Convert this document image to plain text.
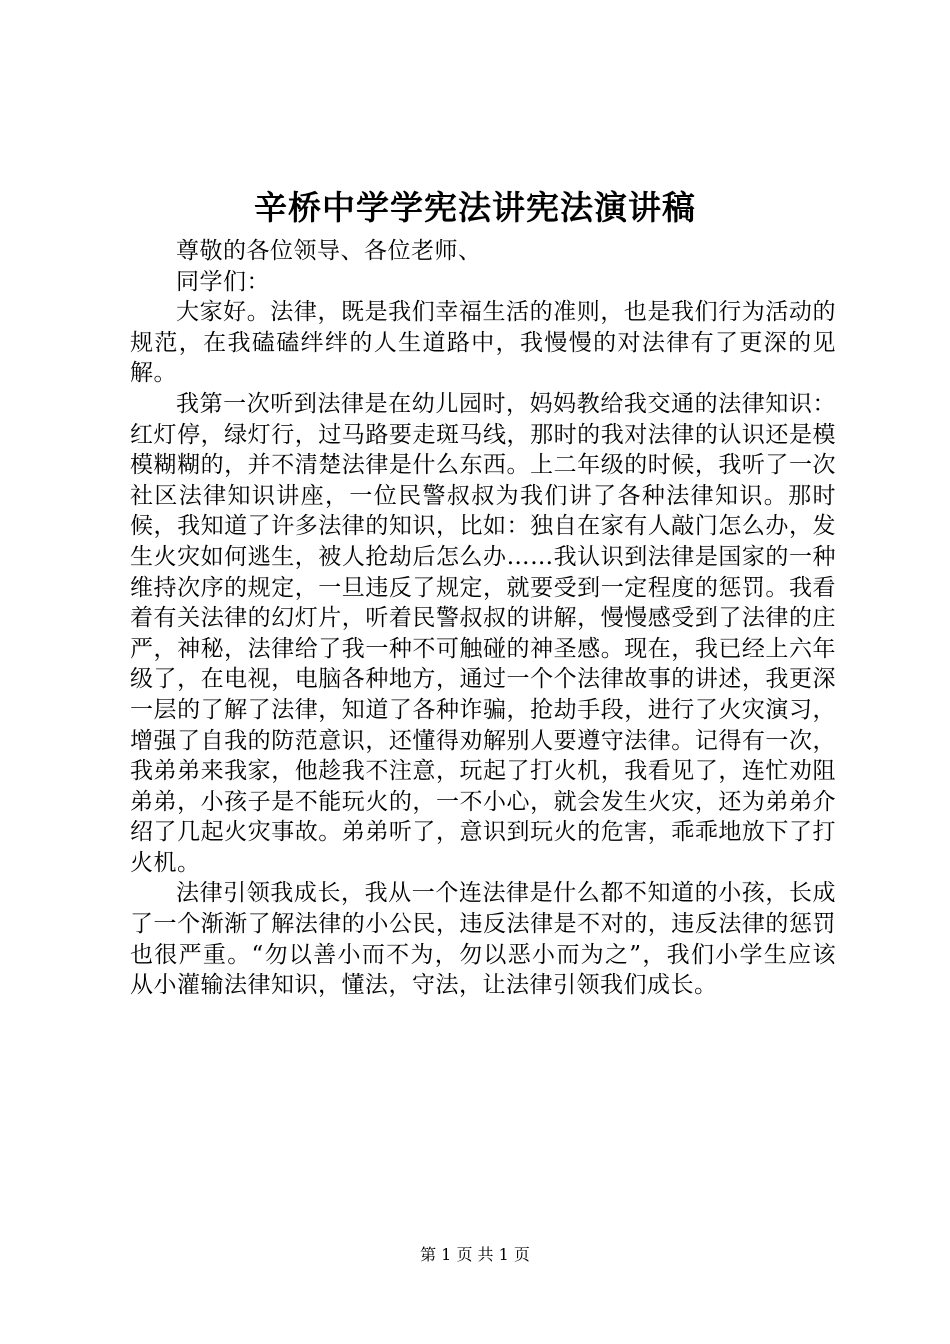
辛桥中学学宪法讲宪法演讲稿

尊敬的各位领导、各位老师、

同学们：

大家好。法律，既是我们幸福生活的准则，也是我们行为活动的规范，在我磕磕绊绊的人生道路中，我慢慢的对法律有了更深的见解。

我第一次听到法律是在幼儿园时，妈妈教给我交通的法律知识：红灯停，绿灯行，过马路要走斑马线，那时的我对法律的认识还是模模糊糊的，并不清楚法律是什么东西。上二年级的时候，我听了一次社区法律知识讲座，一位民警叔叔为我们讲了各种法律知识。那时候，我知道了许多法律的知识，比如：独自在家有人敲门怎么办，发生火灾如何逃生，被人抢劫后怎么办……我认识到法律是国家的一种维持次序的规定，一旦违反了规定，就要受到一定程度的惩罚。我看着有关法律的幻灯片，听着民警叔叔的讲解，慢慢感受到了法律的庄严，神秘，法律给了我一种不可触碰的神圣感。现在，我已经上六年级了，在电视，电脑各种地方，通过一个个法律故事的讲述，我更深一层的了解了法律，知道了各种诈骗，抢劫手段，进行了火灾演习，增强了自我的防范意识，还懂得劝解别人要遵守法律。记得有一次，我弟弟来我家，他趁我不注意，玩起了打火机，我看见了，连忙劝阻弟弟，小孩子是不能玩火的，一不小心，就会发生火灾，还为弟弟介绍了几起火灾事故。弟弟听了，意识到玩火的危害，乖乖地放下了打火机。

法律引领我成长，我从一个连法律是什么都不知道的小孩，长成了一个渐渐了解法律的小公民，违反法律是不对的，违反法律的惩罚也很严重。“勿以善小而不为，勿以恶小而为之”，我们小学生应该从小灌输法律知识，懂法，守法，让法律引领我们成长。

第 1 页 共 1 页
